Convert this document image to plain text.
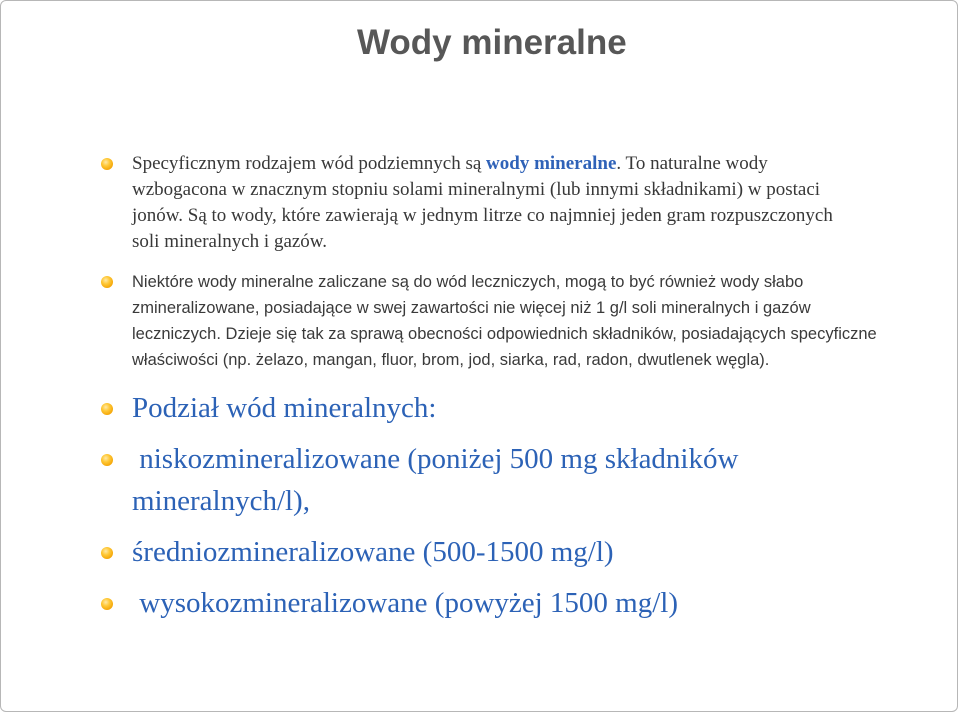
Wody mineralne
Specyficznym rodzajem wód podziemnych są wody mineralne. To naturalne wody wzbogacona w znacznym stopniu solami mineralnymi (lub innymi składnikami) w postaci jonów. Są to wody, które zawierają w jednym litrze co najmniej jeden gram rozpuszczonych soli mineralnych i gazów.
Niektóre wody mineralne zaliczane są do wód leczniczych, mogą to być również wody słabo zmineralizowane, posiadające w swej zawartości nie więcej niż 1 g/l soli mineralnych i gazów leczniczych. Dzieje się tak za sprawą obecności odpowiednich składników, posiadających specyficzne właściwości (np. żelazo, mangan, fluor, brom, jod, siarka, rad, radon, dwutlenek węgla).
Podział wód mineralnych:
niskozmineralizowane (poniżej 500 mg składników mineralnych/l),
średniozmineralizowane (500-1500 mg/l)
wysokozmineralizowane (powyżej 1500 mg/l)
